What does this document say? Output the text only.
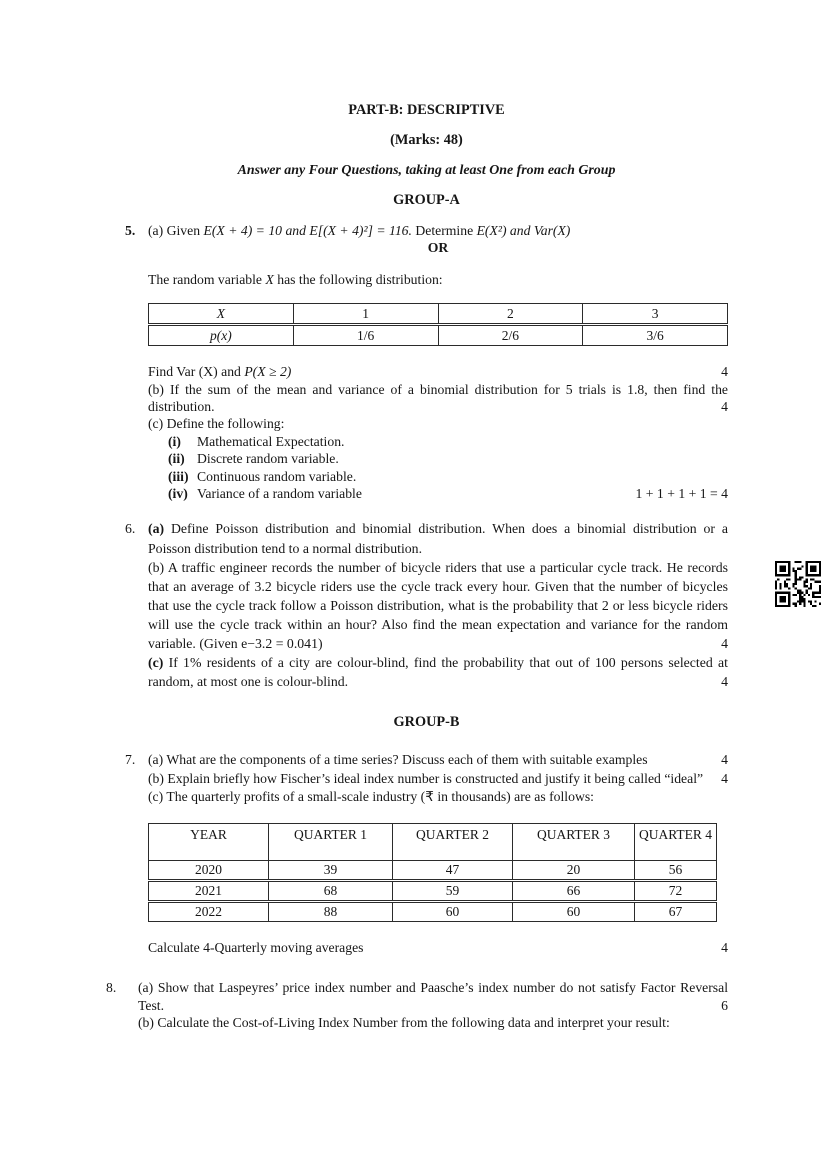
PART-B: DESCRIPTIVE
(Marks: 48)
Answer any Four Questions, taking at least One from each Group
GROUP-A
5. (a) Given E(X + 4) = 10 and E[(X + 4)²] = 116. Determine E(X²) and Var(X)
OR
The random variable X has the following distribution:
X	1	2	3
p(x)	1/6	2/6	3/6
Find Var (X) and P(X ≥ 2)	4
(b) If the sum of the mean and variance of a binomial distribution for 5 trials is 1.8, then find the distribution.	4
(c) Define the following:
(i) Mathematical Expectation.
(ii) Discrete random variable.
(iii) Continuous random variable.
(iv) Variance of a random variable	1 + 1 + 1 + 1 = 4
6. (a) Define Poisson distribution and binomial distribution. When does a binomial distribution or a Poisson distribution tend to a normal distribution.
(b) A traffic engineer records the number of bicycle riders that use a particular cycle track. He records that an average of 3.2 bicycle riders use the cycle track every hour. Given that the number of bicycles that use the cycle track follow a Poisson distribution, what is the probability that 2 or less bicycle riders will use the cycle track within an hour? Also find the mean expectation and variance for the random variable. (Given e−3.2 = 0.041)	4
(c) If 1% residents of a city are colour-blind, find the probability that out of 100 persons selected at random, at most one is colour-blind.	4
GROUP-B
7. (a) What are the components of a time series? Discuss each of them with suitable examples	4
(b) Explain briefly how Fischer’s ideal index number is constructed and justify it being called “ideal” 4
(c) The quarterly profits of a small-scale industry (₹ in thousands) are as follows:
YEAR	QUARTER 1	QUARTER 2	QUARTER 3	QUARTER 4
2020	39	47	20	56
2021	68	59	66	72
2022	88	60	60	67
Calculate 4-Quarterly moving averages	4
8. (a) Show that Laspeyres’ price index number and Paasche’s index number do not satisfy Factor Reversal Test.	6
(b) Calculate the Cost-of-Living Index Number from the following data and interpret your result:
